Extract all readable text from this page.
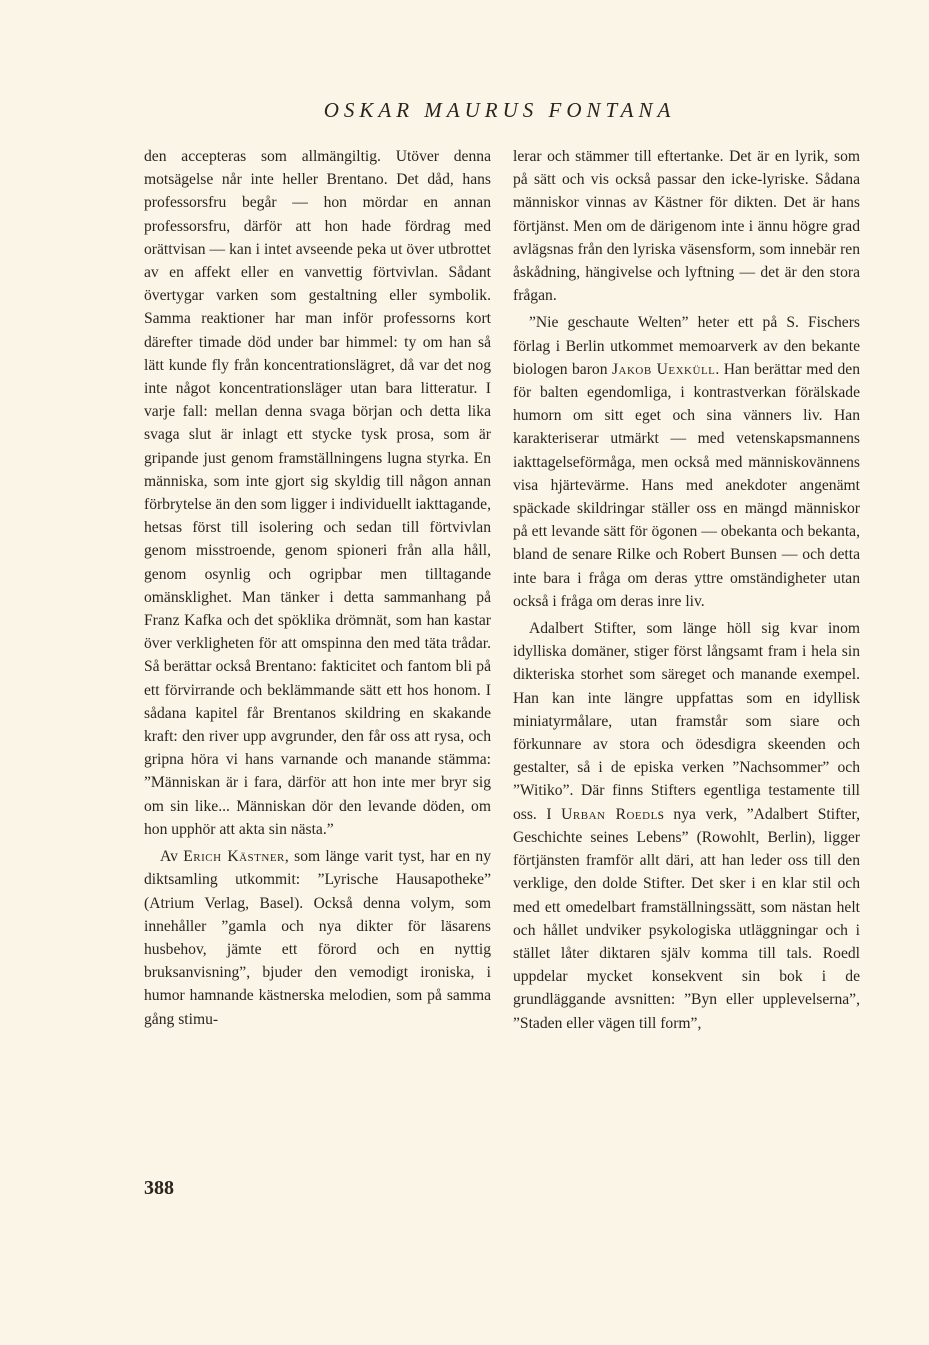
OSKAR MAURUS FONTANA

den accepteras som allmängiltig. Utöver denna motsägelse når inte heller Brentano. Det dåd, hans professorsfru begår — hon mördar en annan professorsfru, därför att hon hade fördrag med orättvisan — kan i intet avseende peka ut över utbrottet av en affekt eller en vanvettig förtvivlan. Sådant övertygar varken som gestaltning eller symbolik. Samma reaktioner har man inför professorns kort därefter timade död under bar himmel: ty om han så lätt kunde fly från koncentrationslägret, då var det nog inte något koncentrationsläger utan bara litteratur. I varje fall: mellan denna svaga början och detta lika svaga slut är inlagt ett stycke tysk prosa, som är gripande just genom framställningens lugna styrka. En människa, som inte gjort sig skyldig till någon annan förbrytelse än den som ligger i individuellt iakttagande, hetsas först till isolering och sedan till förtvivlan genom misstroende, genom spioneri från alla håll, genom osynlig och ogripbar men tilltagande omänsklighet. Man tänker i detta sammanhang på Franz Kafka och det spöklika drömnät, som han kastar över verkligheten för att omspinna den med täta trådar. Så berättar också Brentano: fakticitet och fantom bli på ett förvirrande och beklämmande sätt ett hos honom. I sådana kapitel får Brentanos skildring en skakande kraft: den river upp avgrunder, den får oss att rysa, och gripna höra vi hans varnande och manande stämma: ”Människan är i fara, därför att hon inte mer bryr sig om sin like... Människan dör den levande döden, om hon upphör att akta sin nästa.”

Av Erich Kästner, som länge varit tyst, har en ny diktsamling utkommit: ”Lyrische Hausapotheke” (Atrium Verlag, Basel). Också denna volym, som innehåller ”gamla och nya dikter för läsarens husbehov, jämte ett förord och en nyttig bruksanvisning”, bjuder den vemodigt ironiska, i humor hamnande kästnerska melodien, som på samma gång stimu-

lerar och stämmer till eftertanke. Det är en lyrik, som på sätt och vis också passar den icke-lyriske. Sådana människor vinnas av Kästner för dikten. Det är hans förtjänst. Men om de därigenom inte i ännu högre grad avlägsnas från den lyriska väsensform, som innebär ren åskådning, hängivelse och lyftning — det är den stora frågan.

”Nie geschaute Welten” heter ett på S. Fischers förlag i Berlin utkommet memoarverk av den bekante biologen baron Jakob Uexküll. Han berättar med den för balten egendomliga, i kontrastverkan förälskade humorn om sitt eget och sina vänners liv. Han karakteriserar utmärkt — med vetenskapsmannens iakttagelseförmåga, men också med människovännens visa hjärtevärme. Hans med anekdoter angenämt späckade skildringar ställer oss en mängd människor på ett levande sätt för ögonen — obekanta och bekanta, bland de senare Rilke och Robert Bunsen — och detta inte bara i fråga om deras yttre omständigheter utan också i fråga om deras inre liv.

Adalbert Stifter, som länge höll sig kvar inom idylliska domäner, stiger först långsamt fram i hela sin dikteriska storhet som säreget och manande exempel. Han kan inte längre uppfattas som en idyllisk miniatyrmålare, utan framstår som siare och förkunnare av stora och ödesdigra skeenden och gestalter, så i de episka verken ”Nachsommer” och ”Witiko”. Där finns Stifters egentliga testamente till oss. I Urban Roedls nya verk, ”Adalbert Stifter, Geschichte seines Lebens” (Rowohlt, Berlin), ligger förtjänsten framför allt däri, att han leder oss till den verklige, den dolde Stifter. Det sker i en klar stil och med ett omedelbart framställningssätt, som nästan helt och hållet undviker psykologiska utläggningar och i stället låter diktaren själv komma till tals. Roedl uppdelar mycket konsekvent sin bok i de grundläggande avsnitten: ”Byn eller upplevelserna”, ”Staden eller vägen till form”,

388
